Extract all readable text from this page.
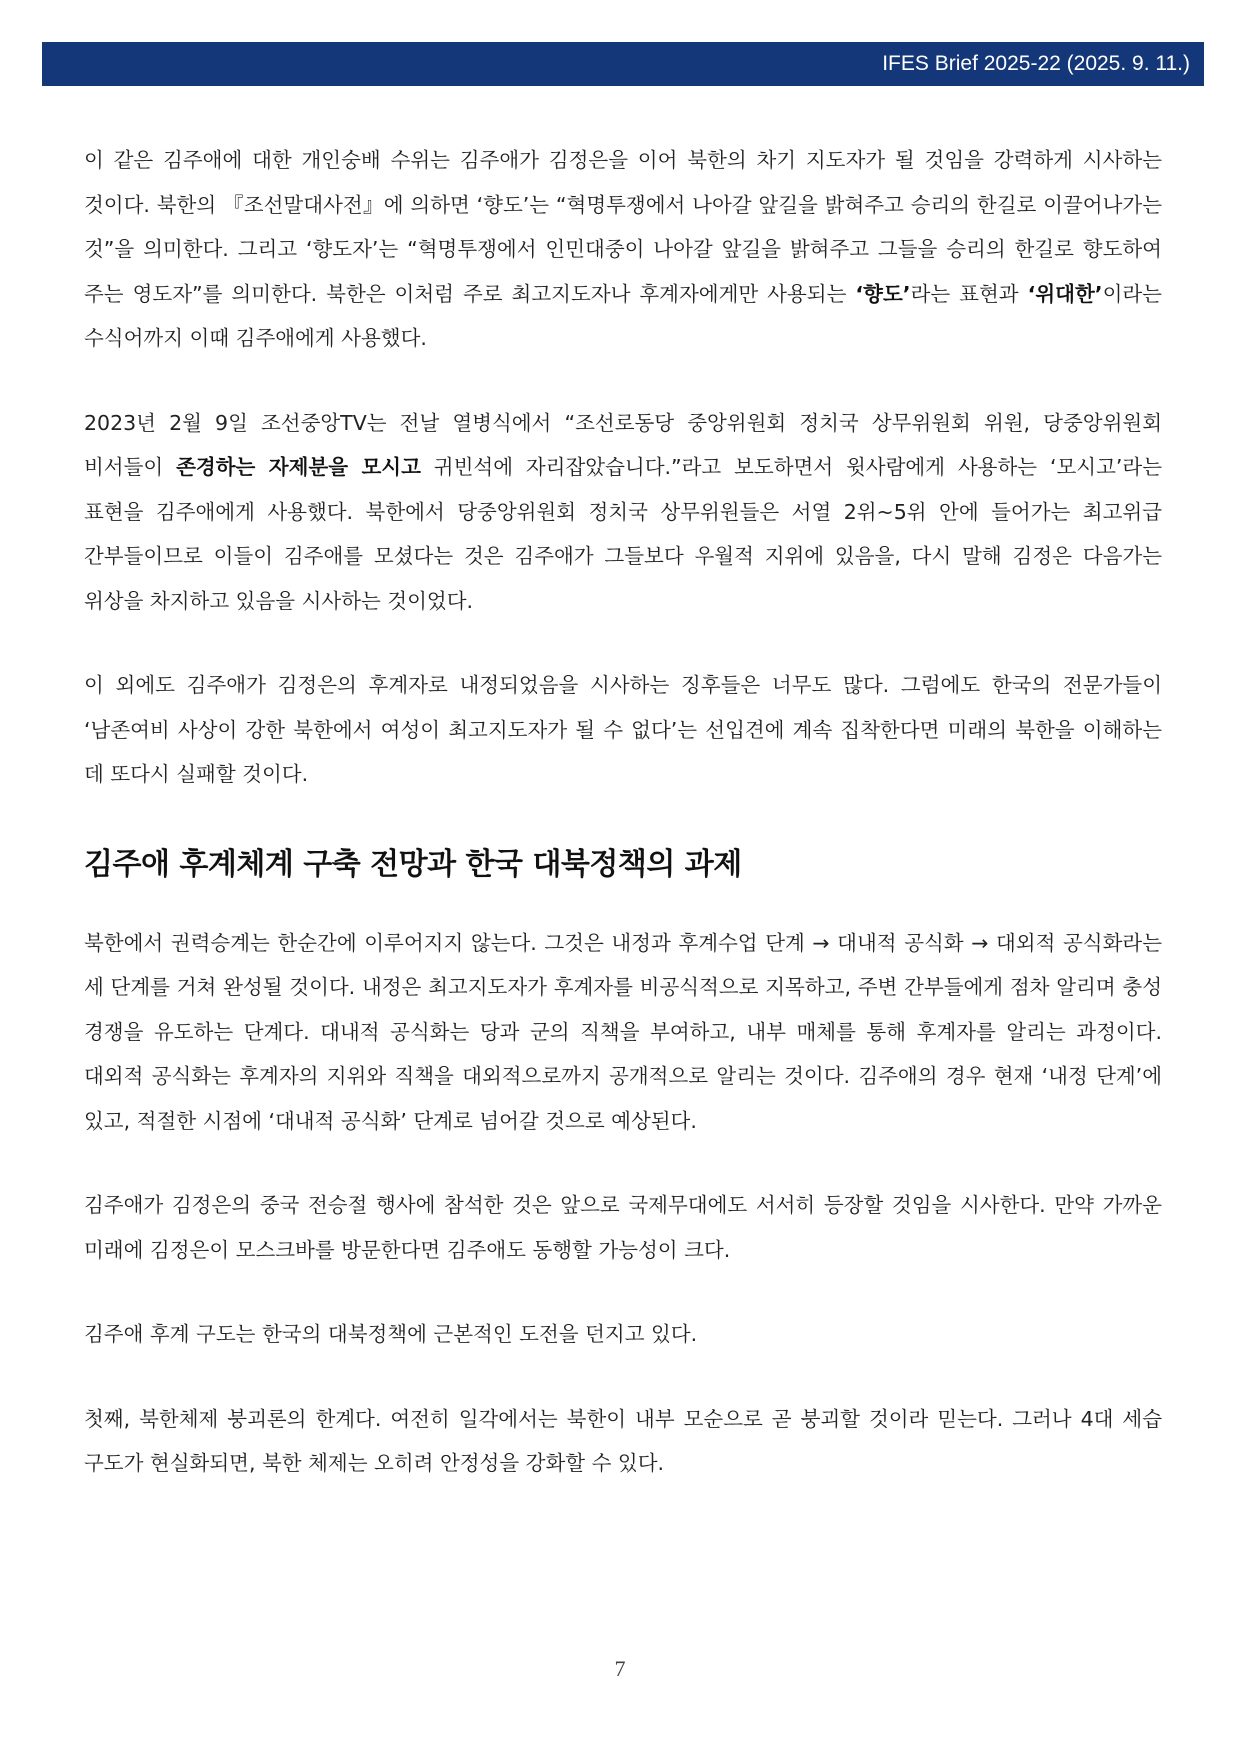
IFES Brief 2025-22 (2025. 9. 11.)

이 같은 김주애에 대한 개인숭배 수위는 김주애가 김정은을 이어 북한의 차기 지도자가 될 것임을 강력하게 시사하는 것이다. 북한의 『조선말대사전』에 의하면 ‘향도’는 “혁명투쟁에서 나아갈 앞길을 밝혀주고 승리의 한길로 이끌어나가는 것”을 의미한다. 그리고 ‘향도자’는 “혁명투쟁에서 인민대중이 나아갈 앞길을 밝혀주고 그들을 승리의 한길로 향도하여 주는 영도자”를 의미한다. 북한은 이처럼 주로 최고지도자나 후계자에게만 사용되는 ‘향도’라는 표현과 ‘위대한’이라는 수식어까지 이때 김주애에게 사용했다.

2023년 2월 9일 조선중앙TV는 전날 열병식에서 “조선로동당 중앙위원회 정치국 상무위원회 위원, 당중앙위원회 비서들이 존경하는 자제분을 모시고 귀빈석에 자리잡았습니다.”라고 보도하면서 윗사람에게 사용하는 ‘모시고’라는 표현을 김주애에게 사용했다. 북한에서 당중앙위원회 정치국 상무위원들은 서열 2위~5위 안에 들어가는 최고위급 간부들이므로 이들이 김주애를 모셨다는 것은 김주애가 그들보다 우월적 지위에 있음을, 다시 말해 김정은 다음가는 위상을 차지하고 있음을 시사하는 것이었다.

이 외에도 김주애가 김정은의 후계자로 내정되었음을 시사하는 징후들은 너무도 많다. 그럼에도 한국의 전문가들이 ‘남존여비 사상이 강한 북한에서 여성이 최고지도자가 될 수 없다’는 선입견에 계속 집착한다면 미래의 북한을 이해하는 데 또다시 실패할 것이다.

김주애 후계체계 구축 전망과 한국 대북정책의 과제

북한에서 권력승계는 한순간에 이루어지지 않는다. 그것은 내정과 후계수업 단계 → 대내적 공식화 → 대외적 공식화라는 세 단계를 거쳐 완성될 것이다. 내정은 최고지도자가 후계자를 비공식적으로 지목하고, 주변 간부들에게 점차 알리며 충성 경쟁을 유도하는 단계다. 대내적 공식화는 당과 군의 직책을 부여하고, 내부 매체를 통해 후계자를 알리는 과정이다. 대외적 공식화는 후계자의 지위와 직책을 대외적으로까지 공개적으로 알리는 것이다. 김주애의 경우 현재 ‘내정 단계’에 있고, 적절한 시점에 ‘대내적 공식화’ 단계로 넘어갈 것으로 예상된다.

김주애가 김정은의 중국 전승절 행사에 참석한 것은 앞으로 국제무대에도 서서히 등장할 것임을 시사한다. 만약 가까운 미래에 김정은이 모스크바를 방문한다면 김주애도 동행할 가능성이 크다.

김주애 후계 구도는 한국의 대북정책에 근본적인 도전을 던지고 있다.

첫째, 북한체제 붕괴론의 한계다. 여전히 일각에서는 북한이 내부 모순으로 곧 붕괴할 것이라 믿는다. 그러나 4대 세습 구도가 현실화되면, 북한 체제는 오히려 안정성을 강화할 수 있다.

7
